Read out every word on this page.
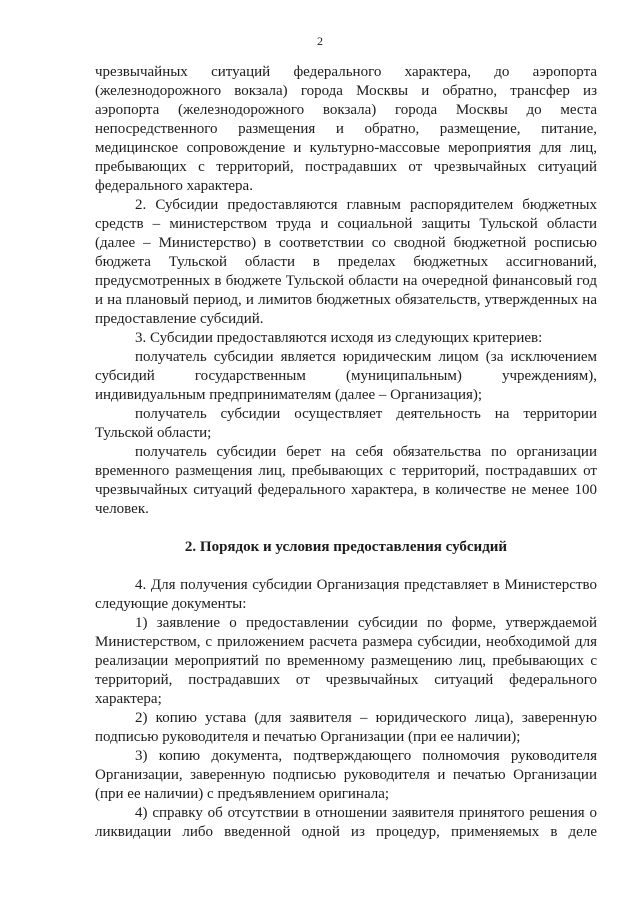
2

чрезвычайных ситуаций федерального характера, до аэропорта (железнодорожного вокзала) города Москвы и обратно, трансфер из аэропорта (железнодорожного вокзала) города Москвы до места непосредственного размещения и обратно, размещение, питание, медицинское сопровождение и культурно-массовые мероприятия для лиц, пребывающих с территорий, пострадавших от чрезвычайных ситуаций федерального характера.

2. Субсидии предоставляются главным распорядителем бюджетных средств – министерством труда и социальной защиты Тульской области (далее – Министерство) в соответствии со сводной бюджетной росписью бюджета Тульской области в пределах бюджетных ассигнований, предусмотренных в бюджете Тульской области на очередной финансовый год и на плановый период, и лимитов бюджетных обязательств, утвержденных на предоставление субсидий.

3. Субсидии предоставляются исходя из следующих критериев:

получатель субсидии является юридическим лицом (за исключением субсидий государственным (муниципальным) учреждениям), индивидуальным предпринимателям (далее – Организация);

получатель субсидии осуществляет деятельность на территории Тульской области;

получатель субсидии берет на себя обязательства по организации временного размещения лиц, пребывающих с территорий, пострадавших от чрезвычайных ситуаций федерального характера, в количестве не менее 100 человек.

2. Порядок и условия предоставления субсидий

4. Для получения субсидии Организация представляет в Министерство следующие документы:

1) заявление о предоставлении субсидии по форме, утверждаемой Министерством, с приложением расчета размера субсидии, необходимой для реализации мероприятий по временному размещению лиц, пребывающих с территорий, пострадавших от чрезвычайных ситуаций федерального характера;

2) копию устава (для заявителя – юридического лица), заверенную подписью руководителя и печатью Организации (при ее наличии);

3) копию документа, подтверждающего полномочия руководителя Организации, заверенную подписью руководителя и печатью Организации (при ее наличии) с предъявлением оригинала;

4) справку об отсутствии в отношении заявителя принятого решения о ликвидации либо введенной одной из процедур, применяемых в деле
